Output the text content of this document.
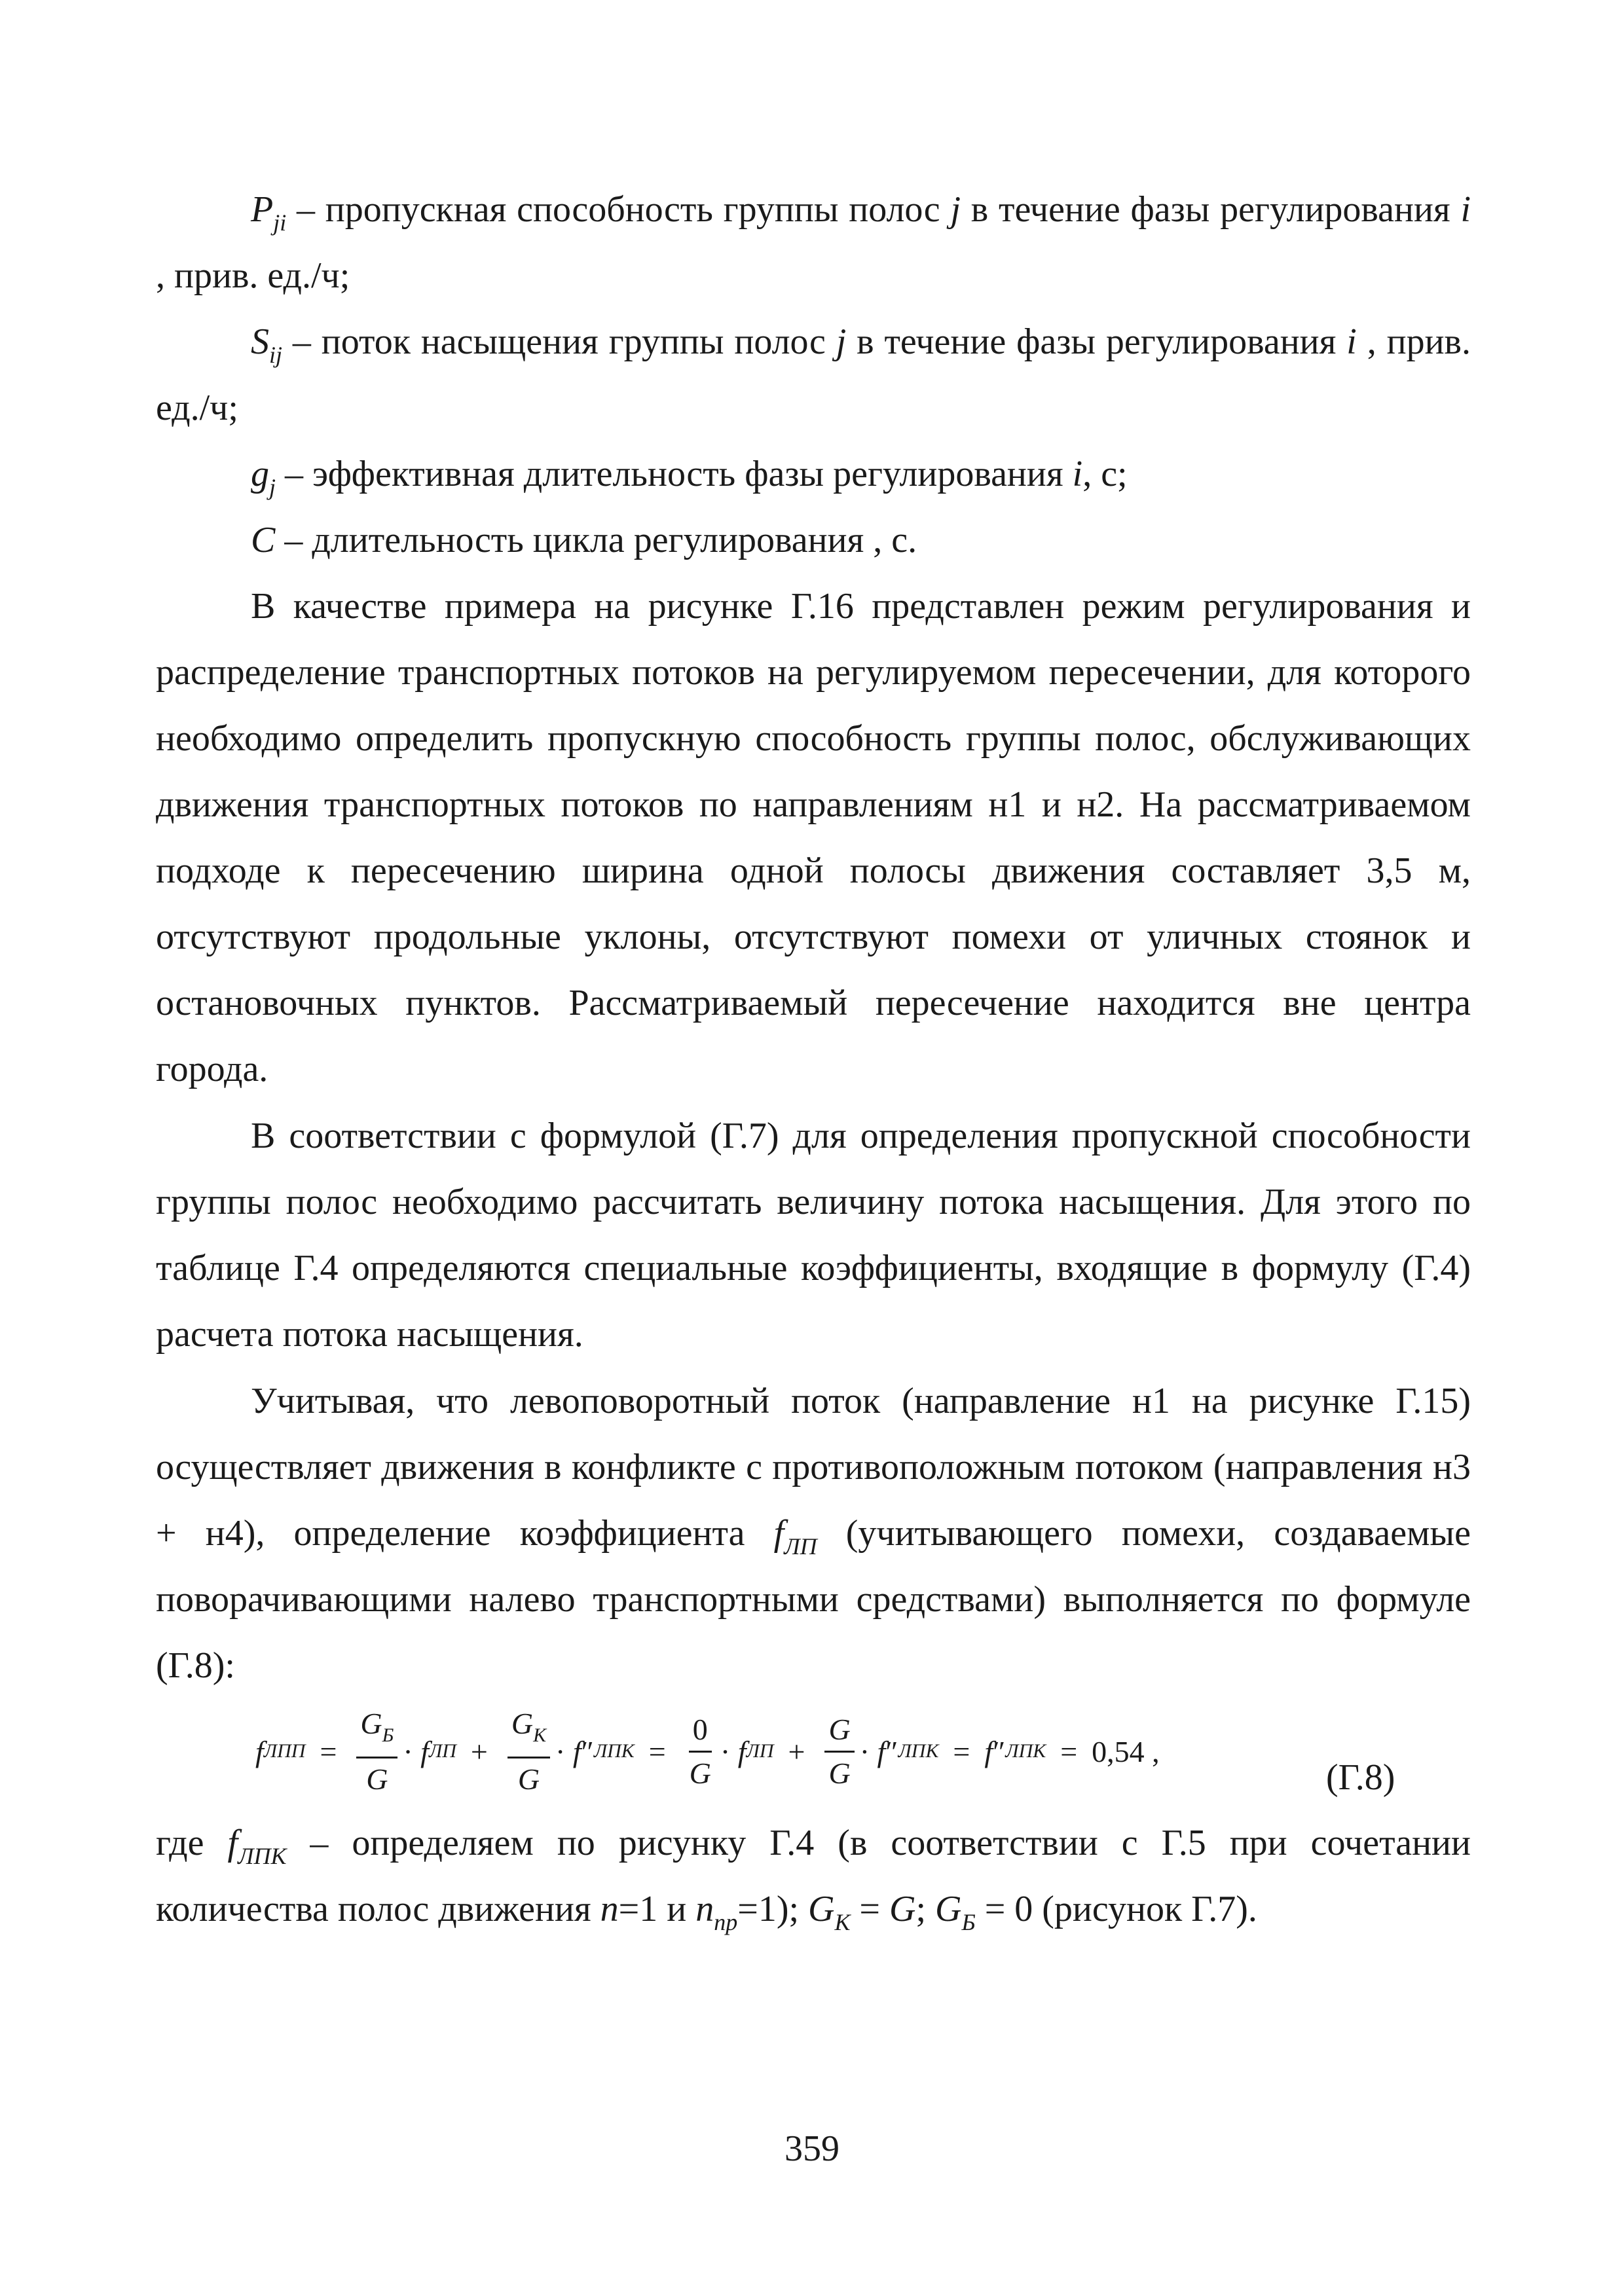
$P_{ji}$ – пропускная способность группы полос j в течение фазы регулирования i , прив. ед./ч;

$S_{ij}$ – поток насыщения группы полос j в течение фазы регулирования i , прив. ед./ч;

$g_j$ – эффективная длительность фазы регулирования i, с;

C – длительность цикла регулирования , с.

В качестве примера на рисунке Г.16 представлен режим регулирования и распределение транспортных потоков на регулируемом пересечении, для которого необходимо определить пропускную способность группы полос, обслуживающих движения транспортных потоков по направлениям н1 и н2. На рассматриваемом подходе к пересечению ширина одной полосы движения составляет 3,5 м, отсутствуют продольные уклоны, отсутствуют помехи от уличных стоянок и остановочных пунктов. Рассматриваемый пересечение находится вне центра города.

В соответствии с формулой (Г.7) для определения пропускной способности группы полос необходимо рассчитать величину потока насыщения. Для этого по таблице Г.4 определяются специальные коэффициенты, входящие в формулу (Г.4) расчета потока насыщения.

Учитывая, что левоповоротный поток (направление н1 на рисунке Г.15) осуществляет движения в конфликте с противоположным потоком (направления н3 + н4), определение коэффициента $f_{ЛП}$ (учитывающего помехи, создаваемые поворачивающими налево транспортными средствами) выполняется по формуле (Г.8):

f ЛПП = $\frac{G_Б}{G}$ ·
f ЛП + $\frac{G_К}{G}$ ·
f ″ ЛПК = $\frac{0}{G}$ ·
f ЛП + $\frac{G}{G}$ ·
f ″ ЛПК = f ″ ЛПК = 0,54
,
(Г.8)

где $f_{ЛПК}$ – определяем по рисунку Г.4 (в соответствии с Г.5 при сочетании количества полос движения n=1 и $n_{пр}=1$); $G_К = G$; $G_Б = 0$ (рисунок Г.7).

359
